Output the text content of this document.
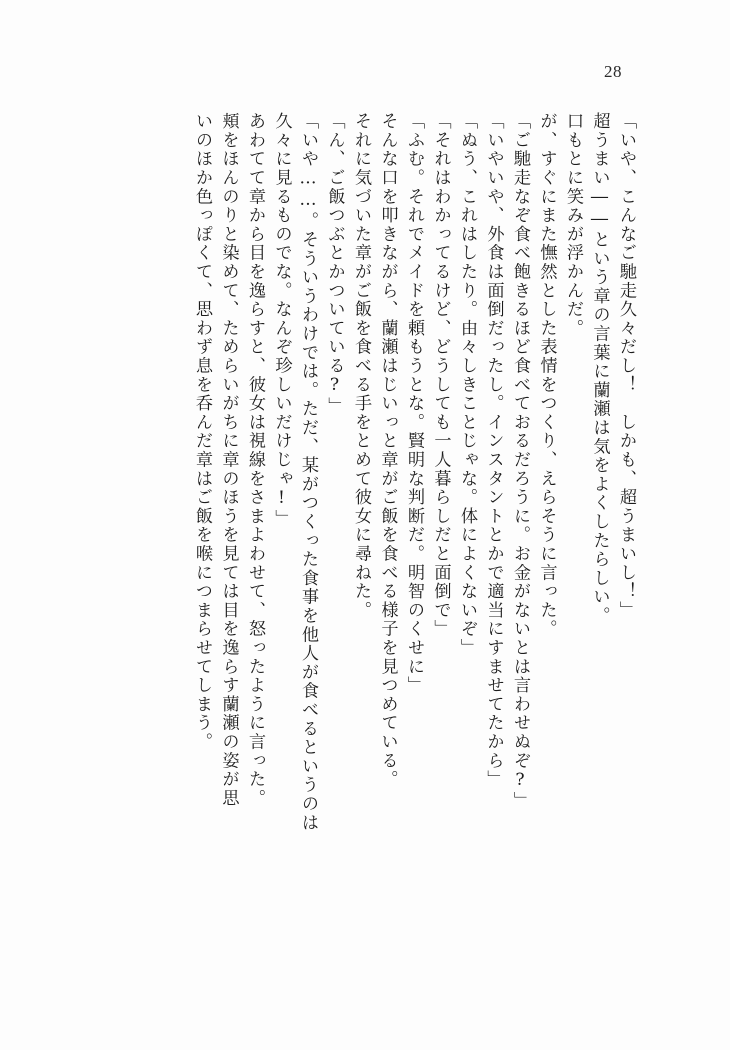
28
「いや、こんなご馳走久々だし！　しかも、超うまいし！」
超うまい――という章の言葉に蘭瀬は気をよくしたらしい。
口もとに笑みが浮かんだ。
が、すぐにまた憮然とした表情をつくり、えらそうに言った。
「ご馳走なぞ食べ飽きるほど食べておるだろうに。お金がないとは言わせぬぞ?」
「いやいや、外食は面倒だったし。インスタントとかで適当にすませてたから」
「ぬう、これはしたり。由々しきことじゃな。体によくないぞ」
「それはわかってるけど、どうしても一人暮らしだと面倒で」
「ふむ。それでメイドを頼もうとな。賢明な判断だ。明智のくせに」
そんな口を叩きながら、蘭瀬はじいっと章がご飯を食べる様子を見つめている。
それに気づいた章がご飯を食べる手をとめて彼女に尋ねた。
「ん、ご飯つぶとかついている?」
「いや……。そういうわけでは。ただ、某がつくった食事を他人が食べるというのは
久々に見るものでな。なんぞ珍しいだけじゃ!」
あわてて章から目を逸らすと、彼女は視線をさまよわせて、怒ったように言った。
頬をほんのりと染めて、ためらいがちに章のほうを見ては目を逸らす蘭瀬の姿が思
いのほか色っぽくて、思わず息を呑んだ章はご飯を喉につまらせてしまう。
